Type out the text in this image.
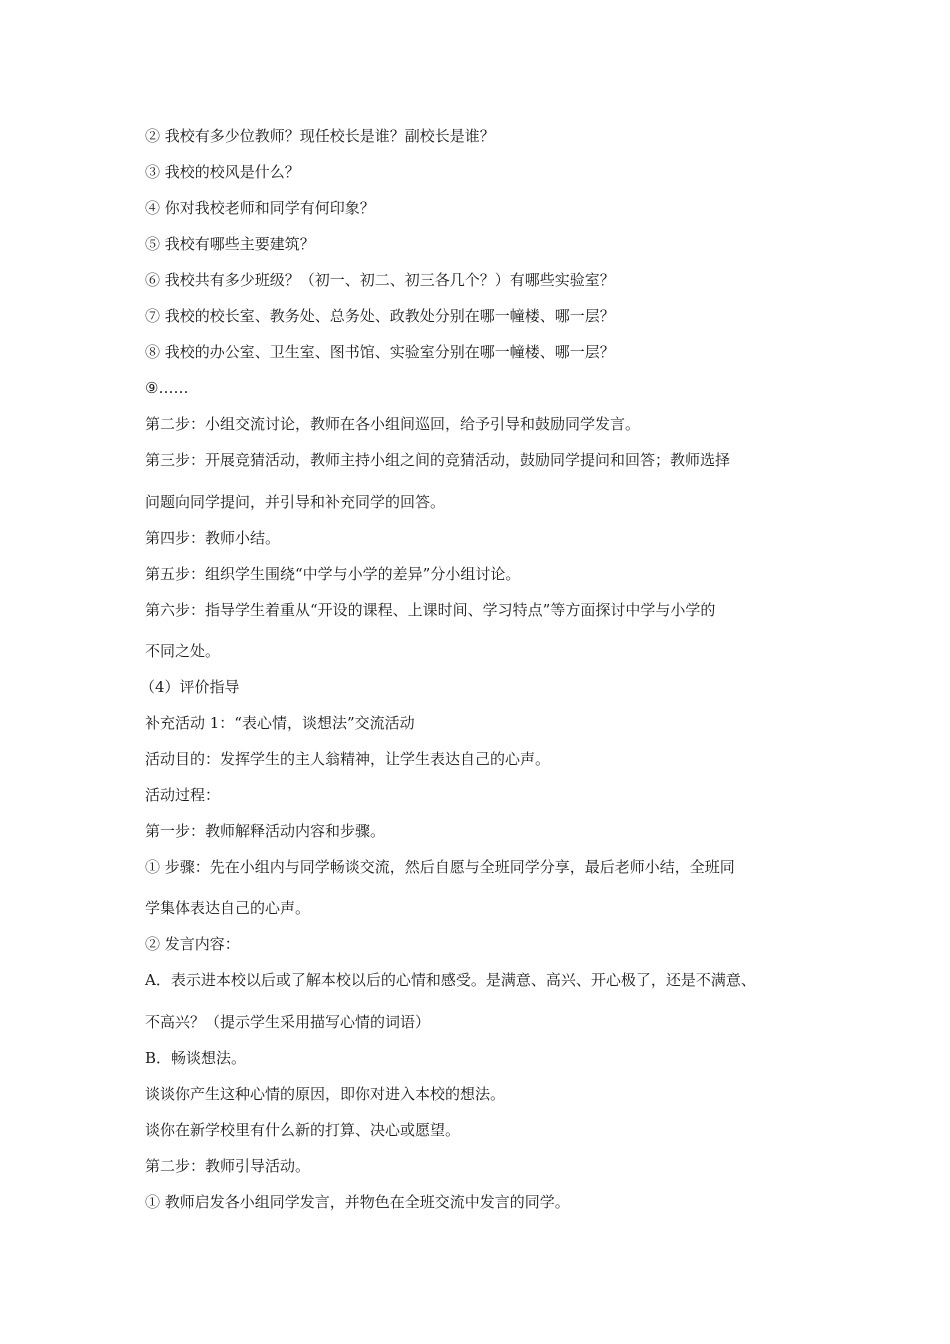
② 我校有多少位教师？现任校长是谁？副校长是谁？
③ 我校的校风是什么？
④ 你对我校老师和同学有何印象？
⑤ 我校有哪些主要建筑？
⑥ 我校共有多少班级？（初一、初二、初三各几个？）有哪些实验室？
⑦ 我校的校长室、教务处、总务处、政教处分别在哪一幢楼、哪一层？
⑧ 我校的办公室、卫生室、图书馆、实验室分别在哪一幢楼、哪一层？
⑨……
第二步：小组交流讨论，教师在各小组间巡回，给予引导和鼓励同学发言。
第三步：开展竞猜活动，教师主持小组之间的竞猜活动，鼓励同学提问和回答；教师选择
问题向同学提问，并引导和补充同学的回答。
第四步：教师小结。
第五步：组织学生围绕“中学与小学的差异”分小组讨论。
第六步：指导学生着重从“开设的课程、上课时间、学习特点”等方面探讨中学与小学的
不同之处。
（4）评价指导
补充活动 1：“表心情，谈想法”交流活动
活动目的：发挥学生的主人翁精神，让学生表达自己的心声。
活动过程：
第一步：教师解释活动内容和步骤。
① 步骤：先在小组内与同学畅谈交流，然后自愿与全班同学分享，最后老师小结，全班同
学集体表达自己的心声。
② 发言内容：
A．表示进本校以后或了解本校以后的心情和感受。是满意、高兴、开心极了，还是不满意、
不高兴？（提示学生采用描写心情的词语）
B．畅谈想法。
谈谈你产生这种心情的原因，即你对进入本校的想法。
谈你在新学校里有什么新的打算、决心或愿望。
第二步：教师引导活动。
① 教师启发各小组同学发言，并物色在全班交流中发言的同学。
